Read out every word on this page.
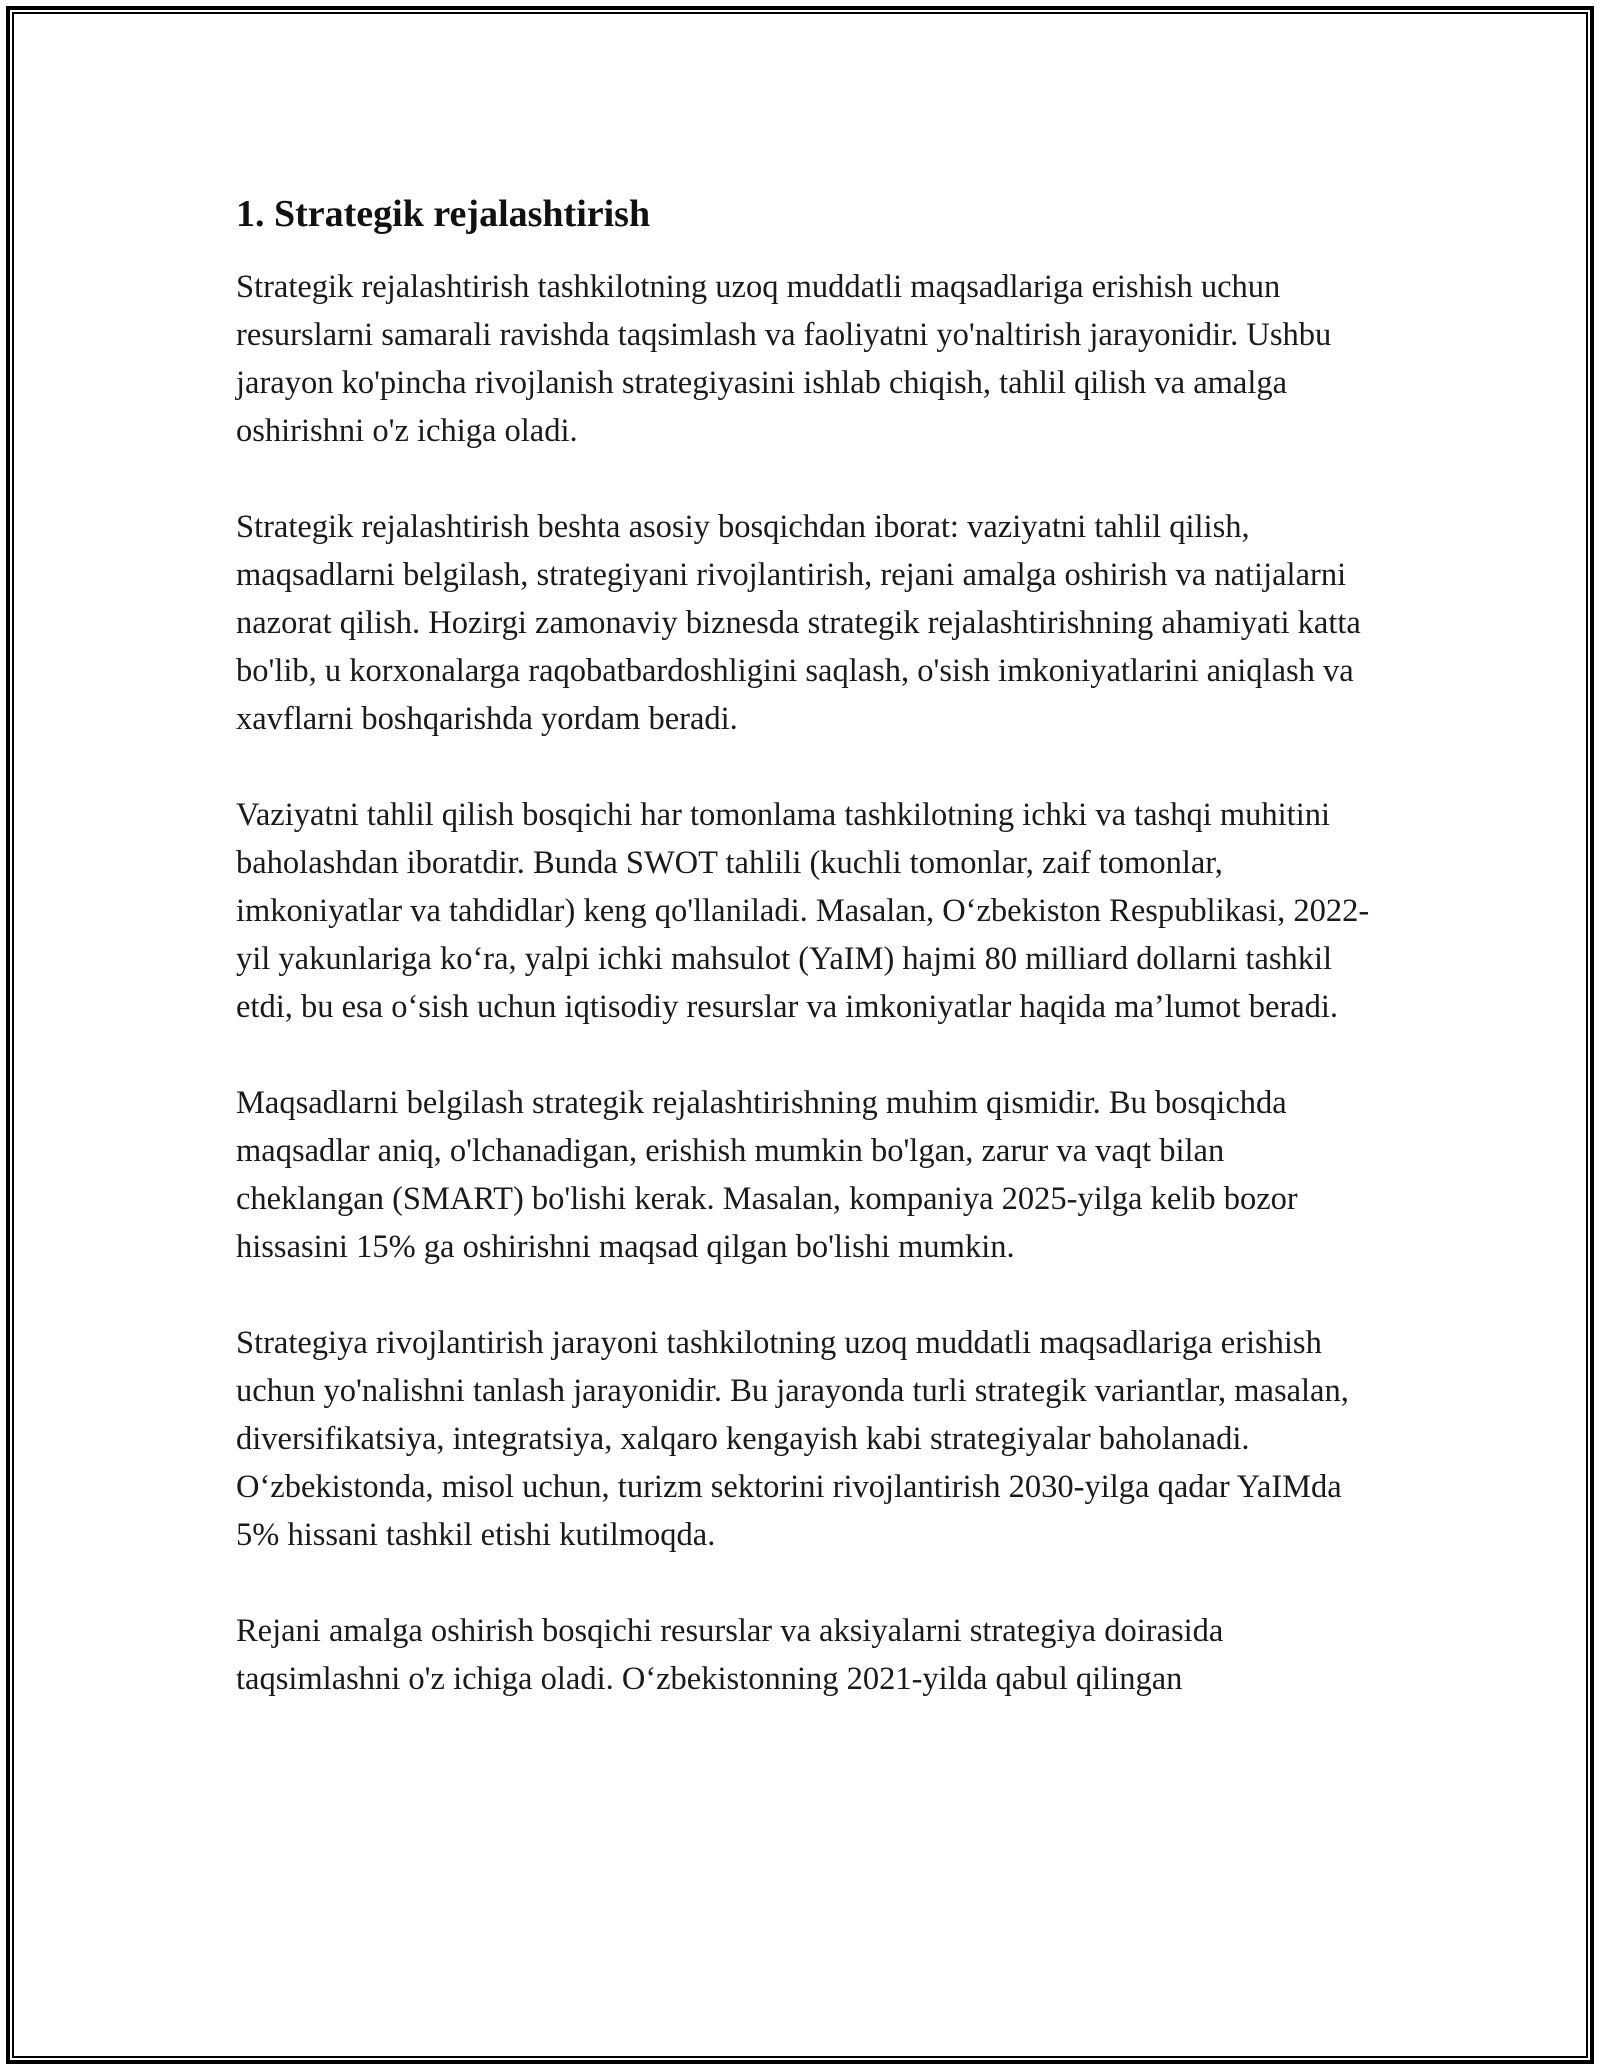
1. Strategik rejalashtirish

Strategik rejalashtirish tashkilotning uzoq muddatli maqsadlariga erishish uchun resurslarni samarali ravishda taqsimlash va faoliyatni yo'naltirish jarayonidir. Ushbu jarayon ko'pincha rivojlanish strategiyasini ishlab chiqish, tahlil qilish va amalga oshirishni o'z ichiga oladi.

Strategik rejalashtirish beshta asosiy bosqichdan iborat: vaziyatni tahlil qilish, maqsadlarni belgilash, strategiyani rivojlantirish, rejani amalga oshirish va natijalarni nazorat qilish. Hozirgi zamonaviy biznesda strategik rejalashtirishning ahamiyati katta bo'lib, u korxonalarga raqobatbardoshligini saqlash, o'sish imkoniyatlarini aniqlash va xavflarni boshqarishda yordam beradi.

Vaziyatni tahlil qilish bosqichi har tomonlama tashkilotning ichki va tashqi muhitini baholashdan iboratdir. Bunda SWOT tahlili (kuchli tomonlar, zaif tomonlar, imkoniyatlar va tahdidlar) keng qo'llaniladi. Masalan, O‘zbekiston Respublikasi, 2022-yil yakunlariga ko‘ra, yalpi ichki mahsulot (YaIM) hajmi 80 milliard dollarni tashkil etdi, bu esa o‘sish uchun iqtisodiy resurslar va imkoniyatlar haqida ma’lumot beradi.

Maqsadlarni belgilash strategik rejalashtirishning muhim qismidir. Bu bosqichda maqsadlar aniq, o'lchanadigan, erishish mumkin bo'lgan, zarur va vaqt bilan cheklangan (SMART) bo'lishi kerak. Masalan, kompaniya 2025-yilga kelib bozor hissasini 15% ga oshirishni maqsad qilgan bo'lishi mumkin.

Strategiya rivojlantirish jarayoni tashkilotning uzoq muddatli maqsadlariga erishish uchun yo'nalishni tanlash jarayonidir. Bu jarayonda turli strategik variantlar, masalan, diversifikatsiya, integratsiya, xalqaro kengayish kabi strategiyalar baholanadi. O‘zbekistonda, misol uchun, turizm sektorini rivojlantirish 2030-yilga qadar YaIMda 5% hissani tashkil etishi kutilmoqda.

Rejani amalga oshirish bosqichi resurslar va aksiyalarni strategiya doirasida taqsimlashni o'z ichiga oladi. O‘zbekistonning 2021-yilda qabul qilingan
